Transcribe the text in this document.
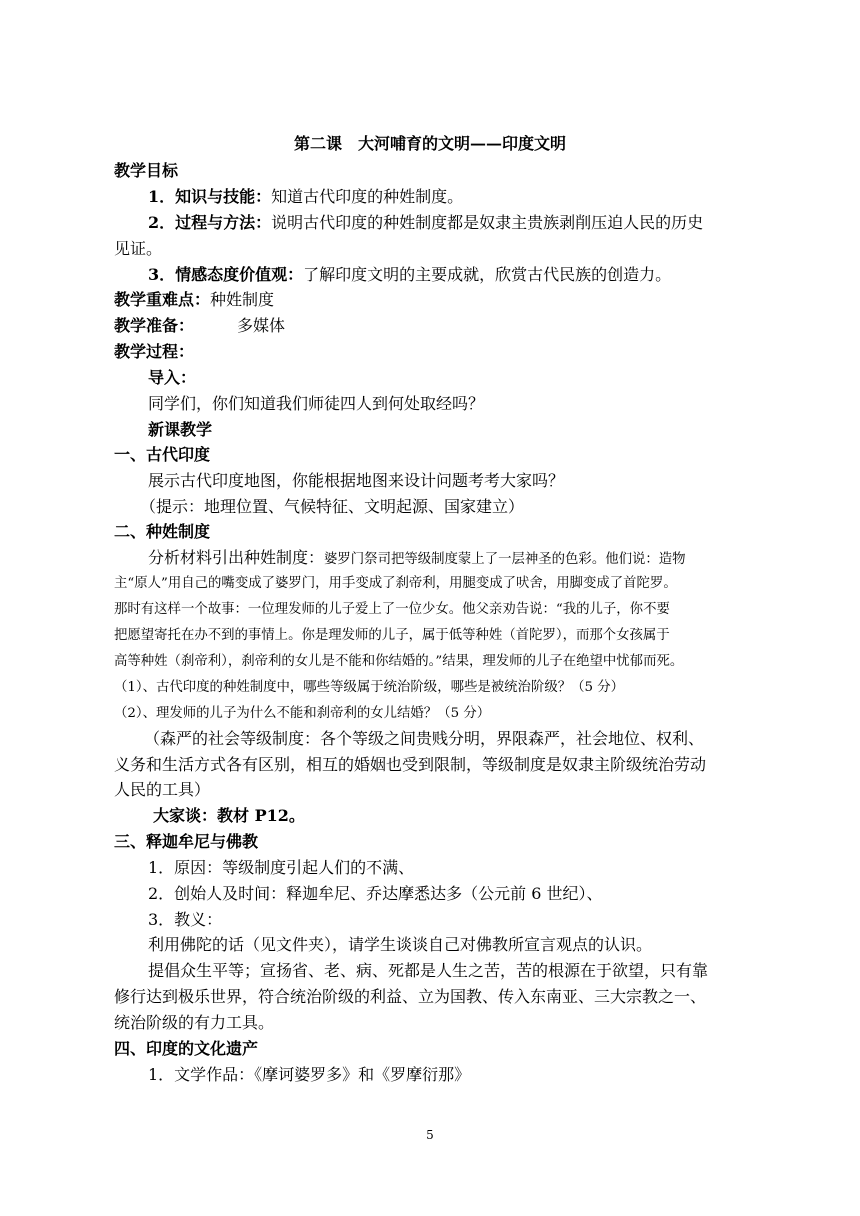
第二课　大河哺育的文明——印度文明
教学目标
1．知识与技能：知道古代印度的种姓制度。
2．过程与方法：说明古代印度的种姓制度都是奴隶主贵族剥削压迫人民的历史
见证。
3．情感态度价值观：了解印度文明的主要成就，欣赏古代民族的创造力。
教学重难点：种姓制度
教学准备：	多媒体
教学过程：
导入：
同学们，你们知道我们师徒四人到何处取经吗？
新课教学
一、古代印度
展示古代印度地图，你能根据地图来设计问题考考大家吗？
（提示：地理位置、气候特征、文明起源、国家建立）
二、种姓制度
分析材料引出种姓制度：婆罗门祭司把等级制度蒙上了一层神圣的色彩。他们说：造物
主“原人”用自己的嘴变成了婆罗门，用手变成了刹帝利，用腿变成了吠舍，用脚变成了首陀罗。
那时有这样一个故事：一位理发师的儿子爱上了一位少女。他父亲劝告说：“我的儿子，你不要
把愿望寄托在办不到的事情上。你是理发师的儿子，属于低等种姓（首陀罗），而那个女孩属于
高等种姓（刹帝利），刹帝利的女儿是不能和你结婚的。”结果，理发师的儿子在绝望中忧郁而死。
（1）、古代印度的种姓制度中，哪些等级属于统治阶级，哪些是被统治阶级？（5 分）
（2）、理发师的儿子为什么不能和刹帝利的女儿结婚？（5 分）
（森严的社会等级制度：各个等级之间贵贱分明，界限森严，社会地位、权利、
义务和生活方式各有区别，相互的婚姻也受到限制，等级制度是奴隶主阶级统治劳动
人民的工具）
大家谈：教材 P12。
三、释迦牟尼与佛教
1．原因：等级制度引起人们的不满、
2．创始人及时间：释迦牟尼、乔达摩悉达多（公元前 6 世纪）、
3．教义：
利用佛陀的话（见文件夹），请学生谈谈自己对佛教所宣言观点的认识。
提倡众生平等；宣扬省、老、病、死都是人生之苦，苦的根源在于欲望，只有靠
修行达到极乐世界，符合统治阶级的利益、立为国教、传入东南亚、三大宗教之一、
统治阶级的有力工具。
四、印度的文化遗产
1．文学作品：《摩诃婆罗多》和《罗摩衍那》
5
